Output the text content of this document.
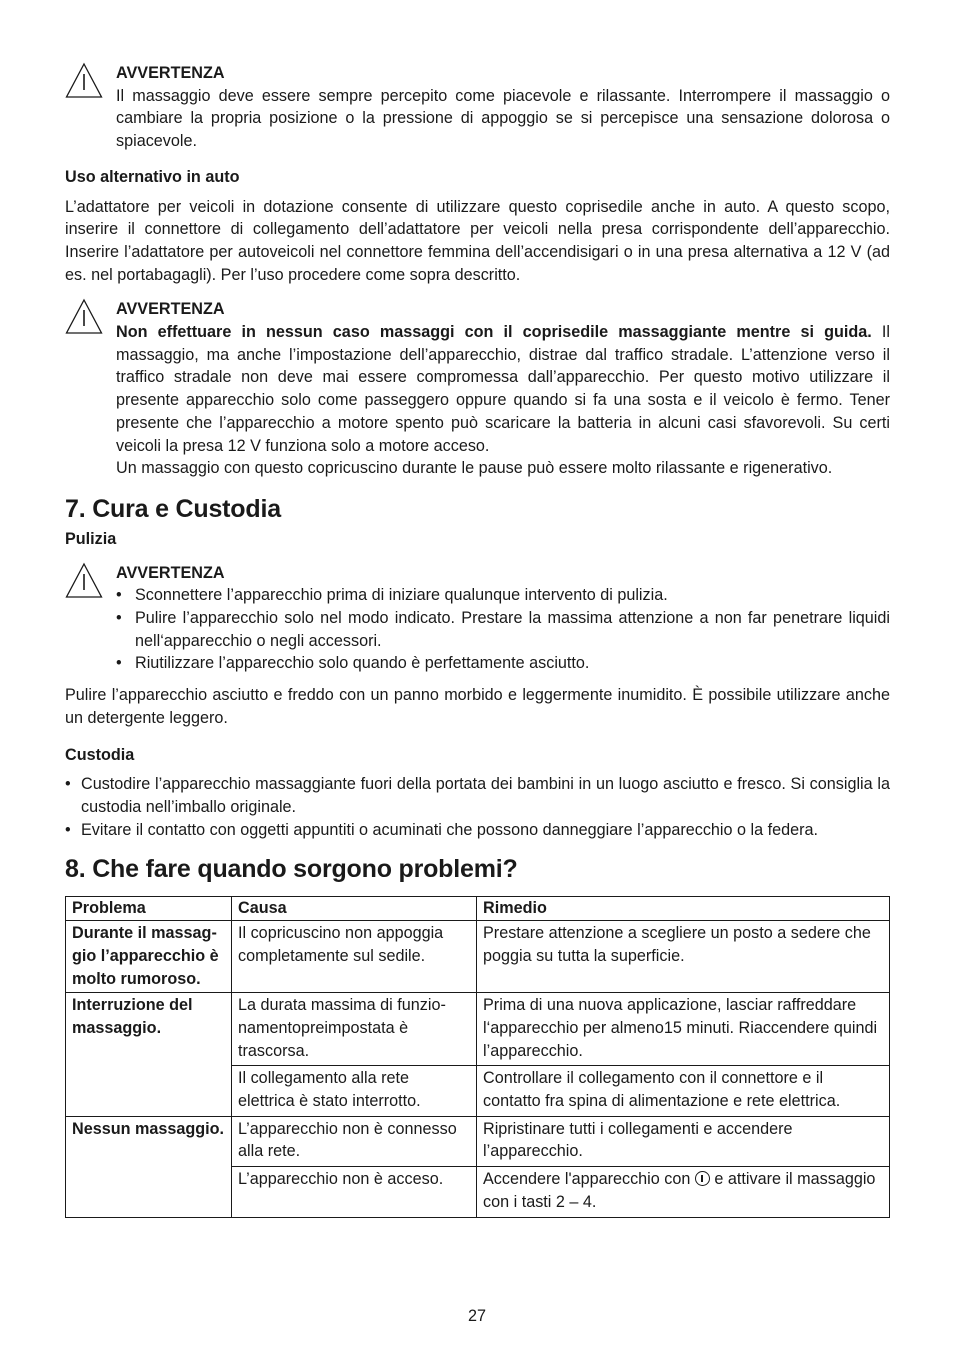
AVVERTENZA

Il massaggio deve essere sempre percepito come piacevole e rilassante. Interrompere il massaggio o cambiare la propria posizione o la pressione di appoggio se si percepisce una sensazione dolorosa o spiacevole.

Uso alternativo in auto

L’adattatore per veicoli in dotazione consente di utilizzare questo coprisedile anche in auto. A questo scopo, inserire il connettore di collegamento dell’adattatore per veicoli nella presa corrispondente dell’apparecchio. Inserire l’adattatore per autoveicoli nel connettore femmina dell’accendisigari o in una presa alternativa a 12 V (ad es. nel portabagagli). Per l’uso procedere come sopra descritto.

AVVERTENZA

Non effettuare in nessun caso massaggi con il coprisedile massaggiante mentre si guida. Il massaggio, ma anche l’impostazione dell’apparecchio, distrae dal traffico stradale. L’attenzione verso il traffico stradale non deve mai essere compromessa dall’apparecchio. Per questo motivo utilizzare il presente apparecchio solo come passeggero oppure quando si fa una sosta e il veicolo è fermo. Tener presente che l’apparecchio a motore spento può scaricare la batteria in alcuni casi sfavorevoli. Su certi veicoli la presa 12 V funziona solo a motore acceso.

Un massaggio con questo copricuscino durante le pause può essere molto rilassante e rigenerativo.

7. Cura e Custodia
Pulizia
AVVERTENZA
• Sconnettere l’apparecchio prima di iniziare qualunque intervento di pulizia.
• Pulire l’apparecchio solo nel modo indicato. Prestare la massima attenzione a non far penetrare liquidi nell‘apparecchio o negli accessori.
• Riutilizzare l’apparecchio solo quando è perfettamente asciutto.

Pulire l’apparecchio asciutto e freddo con un panno morbido e leggermente inumidito. È possibile utilizzare anche un detergente leggero.

Custodia
• Custodire l’apparecchio massaggiante fuori della portata dei bambini in un luogo asciutto e fresco. Si consiglia la custodia nell’imballo originale.
• Evitare il contatto con oggetti appuntiti o acuminati che possono danneggiare l’apparecchio o la federa.
8. Che fare quando sorgono problemi?
Problema	Causa	Rimedio
Durante il massaggio l’apparecchio è molto rumoroso.	Il copricuscino non appoggia completamente sul sedile.	Prestare attenzione a scegliere un posto a sedere che poggia su tutta la superficie.
Interruzione del massaggio.	La durata massima di funzionamentopreimpostata è trascorsa.	Prima di una nuova applicazione, lasciar raffreddare l‘apparecchio per almeno15 minuti. Riaccendere quindi l’apparecchio.
	Il collegamento alla rete elettrica è stato interrotto.	Controllare il collegamento con il connettore e il contatto fra spina di alimentazione e rete elettrica.
Nessun massaggio.	L’apparecchio non è connesso alla rete.	Ripristinare tutti i collegamenti e accendere l’apparecchio.
	L’apparecchio non è acceso.	Accendere l'apparecchio con e attivare il massaggio con i tasti 2 – 4.
27
